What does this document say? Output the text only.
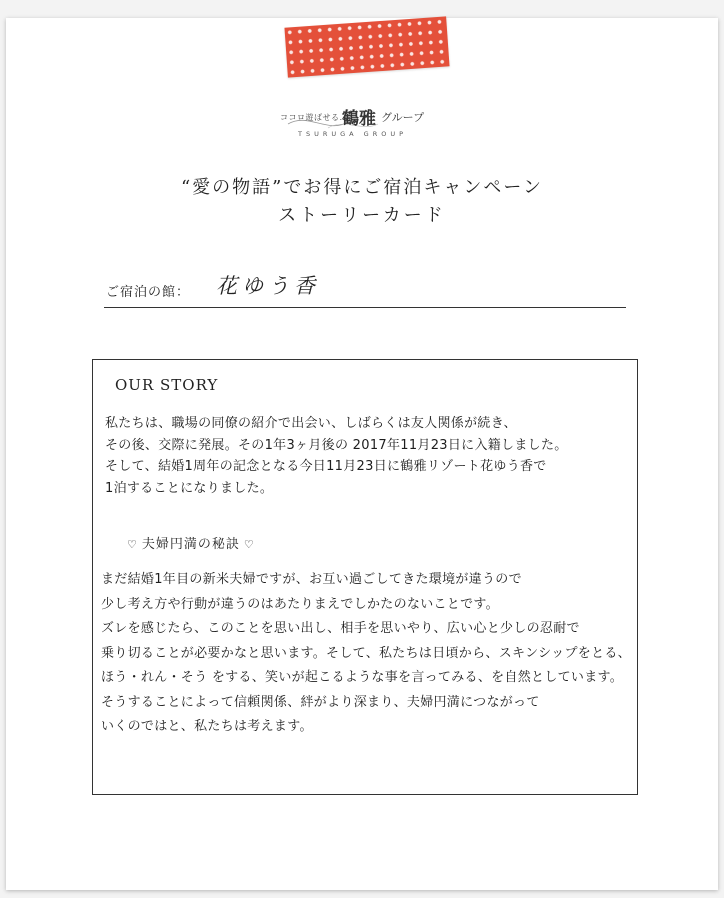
ココロ遊ばせる……
鶴雅 グループ
TSURUGA GROUP
“愛の物語”でお得にご宿泊キャンペーン
ストーリーカード
ご宿泊の館： 花ゆう香
OUR STORY
私たちは、職場の同僚の紹介で出会い、しばらくは友人関係が続き、
その後、交際に発展。その1年3ヶ月後の 2017年11月23日に入籍しました。
そして、結婚1周年の記念となる今日11月23日に鶴雅リゾート花ゆう香で
1泊することになりました。
♡ 夫婦円満の秘訣 ♡
まだ結婚1年目の新米夫婦ですが、お互い過ごしてきた環境が違うので
少し考え方や行動が違うのはあたりまえでしかたのないことです。
ズレを感じたら、このことを思い出し、相手を思いやり、広い心と少しの忍耐で
乗り切ることが必要かなと思います。そして、私たちは日頃から、スキンシップをとる、
ほう・れん・そう をする、笑いが起こるような事を言ってみる、を自然としています。
そうすることによって信頼関係、絆がより深まり、夫婦円満につながって
いくのではと、私たちは考えます。
